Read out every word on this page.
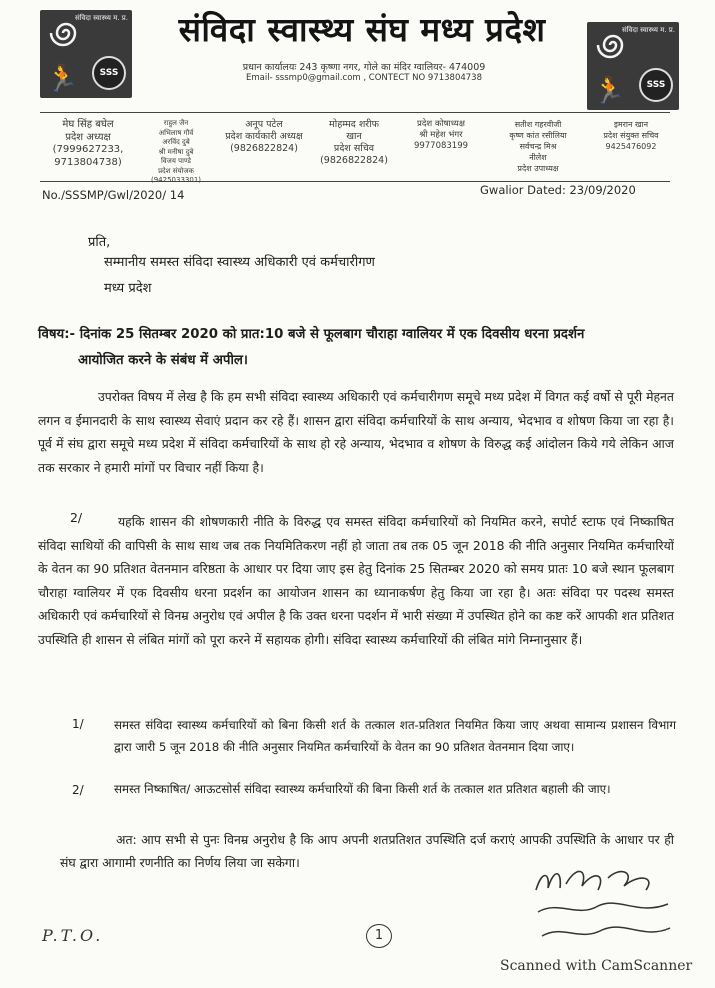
संविदा स्वास्थ्य म. प्र.
🏃	SSS
संविदा स्वास्थ्य संघ मध्य प्रदेश
प्रधान कार्यालयः 243 कृष्णा नगर, गोले का मंदिर ग्वालियर- 474009
Email- sssmp0@gmail.com , CONTECT NO 9713804738
संविदा स्वास्थ्य म. प्र.
🏃	SSS
मेघ सिंह बघेल
प्रदेश अध्यक्ष
(7999627233,
9713804738)
राहुल जैन
अभिलाष गौर्व
अरविंद दुबे
श्री मनीषा दुबे
विजय पाण्डे
प्रदेश संयोजक
(9425033301)
अनूप पटेल
प्रदेश कार्यकारी अध्यक्ष
(9826822824)
मोहम्मद शरीफ
खान
प्रदेश सचिव
(9826822824)
प्रदेश कोषाध्यक्ष
श्री महेश भंगर
9977083199
सतीश गहरवीजी
कृष्ण कांत रसीलिया
सर्वचन्द्र मिश्र
नीलेश
प्रदेश उपाध्यक्ष
इमरान खान
प्रदेश संयुक्त सचिव
9425476092
No./SSSMP/Gwl/2020/ 14	Gwalior Dated: 23/09/2020
प्रति,
सम्मानीय समस्त संविदा स्वास्थ्य अधिकारी एवं कर्मचारीगण
मध्य प्रदेश
विषय:- दिनांक 25 सितम्बर 2020 को प्रात:10 बजे से फूलबाग चौराहा ग्वालियर में एक दिवसीय धरना प्रदर्शन
आयोजित करने के संबंध में अपील।
उपरोक्त विषय में लेख है कि हम सभी संविदा स्वास्थ्य अधिकारी एवं कर्मचारीगण समूचे मध्य प्रदेश में विगत कई वर्षो से पूरी मेहनत लगन व ईमानदारी के साथ स्वास्थ्य सेवाएं प्रदान कर रहे हैं। शासन द्वारा संविदा कर्मचारियों के साथ अन्याय, भेदभाव व शोषण किया जा रहा है। पूर्व में संघ द्वारा समूचे मध्य प्रदेश में संविदा कर्मचारियों के साथ हो रहे अन्याय, भेदभाव व शोषण के विरुद्ध कई आंदोलन किये गये लेकिन आज तक सरकार ने हमारी मांगों पर विचार नहीं किया है।
यहकि शासन की शोषणकारी नीति के विरुद्ध एव समस्त संविदा कर्मचारियों को नियमित करने, सपोर्ट स्टाफ एवं निष्काषित संविदा साथियों की वापिसी के साथ साथ जब तक नियमितिकरण नहीं हो जाता तब तक 05 जून 2018 की नीति अनुसार नियमित कर्मचारियों के वेतन का 90 प्रतिशत वेतनमान वरिष्ठता के आधार पर दिया जाए इस हेतु दिनांक 25 सितम्बर 2020 को समय प्रातः 10 बजे स्थान फूलबाग चौराहा ग्वालियर में एक दिवसीय धरना प्रदर्शन का आयोजन शासन का ध्यानाकर्षण हेतु किया जा रहा है। अतः संविदा पर पदस्थ समस्त अधिकारी एवं कर्मचारियों से विनम्र अनुरोध एवं अपील है कि उक्त धरना पदर्शन में भारी संख्या में उपस्थित होने का कष्ट करें आपकी शत प्रतिशत उपस्थिति ही शासन से लंबित मांगों को पूरा करने में सहायक होगी। संविदा स्वास्थ्य कर्मचारियों की लंबित मांगे निम्नानुसार हैं।
2/
1/	समस्त संविदा स्वास्थ्य कर्मचारियों को बिना किसी शर्त के तत्काल शत-प्रतिशत नियमित किया जाए अथवा सामान्य प्रशासन विभाग द्वारा जारी 5 जून 2018 की नीति अनुसार नियमित कर्मचारियों के वेतन का 90 प्रतिशत वेतनमान दिया जाए।
2/	समस्त निष्काषित/ आऊटसोर्स संविदा स्वास्थ्य कर्मचारियों की बिना किसी शर्त के तत्काल शत प्रतिशत बहाली की जाए।
अत: आप सभी से पुनः विनम्र अनुरोध है कि आप अपनी शतप्रतिशत उपस्थिति दर्ज कराएं आपकी उपस्थिति के आधार पर ही संघ द्वारा आगामी रणनीति का निर्णय लिया जा सकेगा।
P.T.O.	1
Scanned with CamScanner
